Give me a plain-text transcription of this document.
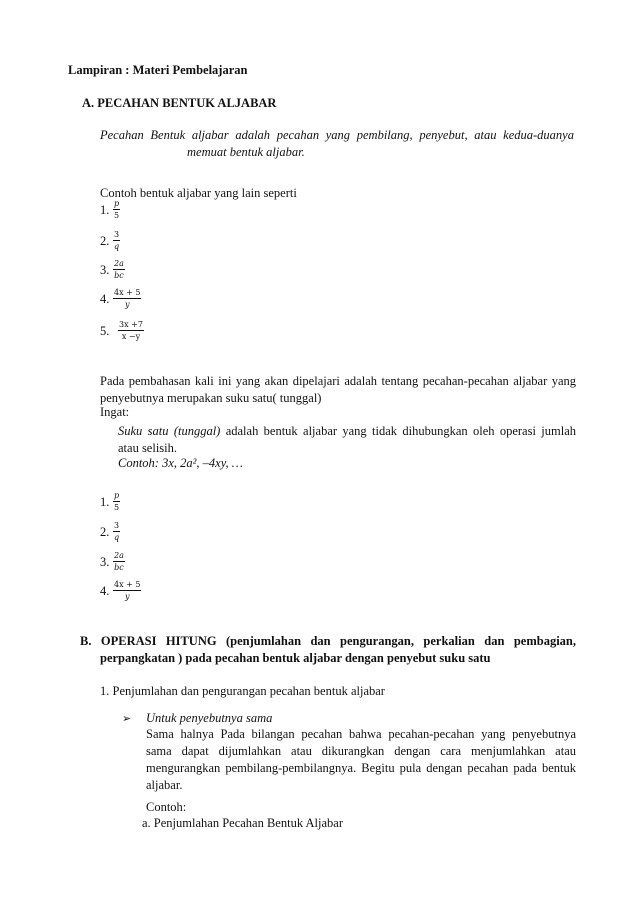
Lampiran : Materi Pembelajaran
A. PECAHAN BENTUK ALJABAR
Pecahan Bentuk aljabar adalah pecahan yang pembilang, penyebut, atau kedua-duanya
memuat bentuk aljabar.
Contoh bentuk aljabar yang lain seperti
1. p
5
2. 3
q
3. 2a
bc
4. 4x + 5
y
5. 3x +7
x −y
Pada pembahasan kali ini yang akan dipelajari adalah tentang pecahan-pecahan aljabar yang
penyebutnya merupakan suku satu( tunggal)
Ingat:
Suku satu (tunggal) adalah bentuk aljabar yang tidak dihubungkan oleh operasi jumlah
atau selisih.
Contoh: 3x, 2a², –4xy, …
1. p
5
2. 3
q
3. 2a
bc
4. 4x + 5
y
B. OPERASI HITUNG (penjumlahan dan pengurangan, perkalian dan pembagian,
perpangkatan ) pada pecahan bentuk aljabar dengan penyebut suku satu
1. Penjumlahan dan pengurangan pecahan bentuk aljabar
➢ Untuk penyebutnya sama
Sama halnya Pada bilangan pecahan bahwa pecahan-pecahan yang penyebutnya
sama dapat dijumlahkan atau dikurangkan dengan cara menjumlahkan atau
mengurangkan pembilang-pembilangnya. Begitu pula dengan pecahan pada bentuk
aljabar.
Contoh:
a. Penjumlahan Pecahan Bentuk Aljabar
